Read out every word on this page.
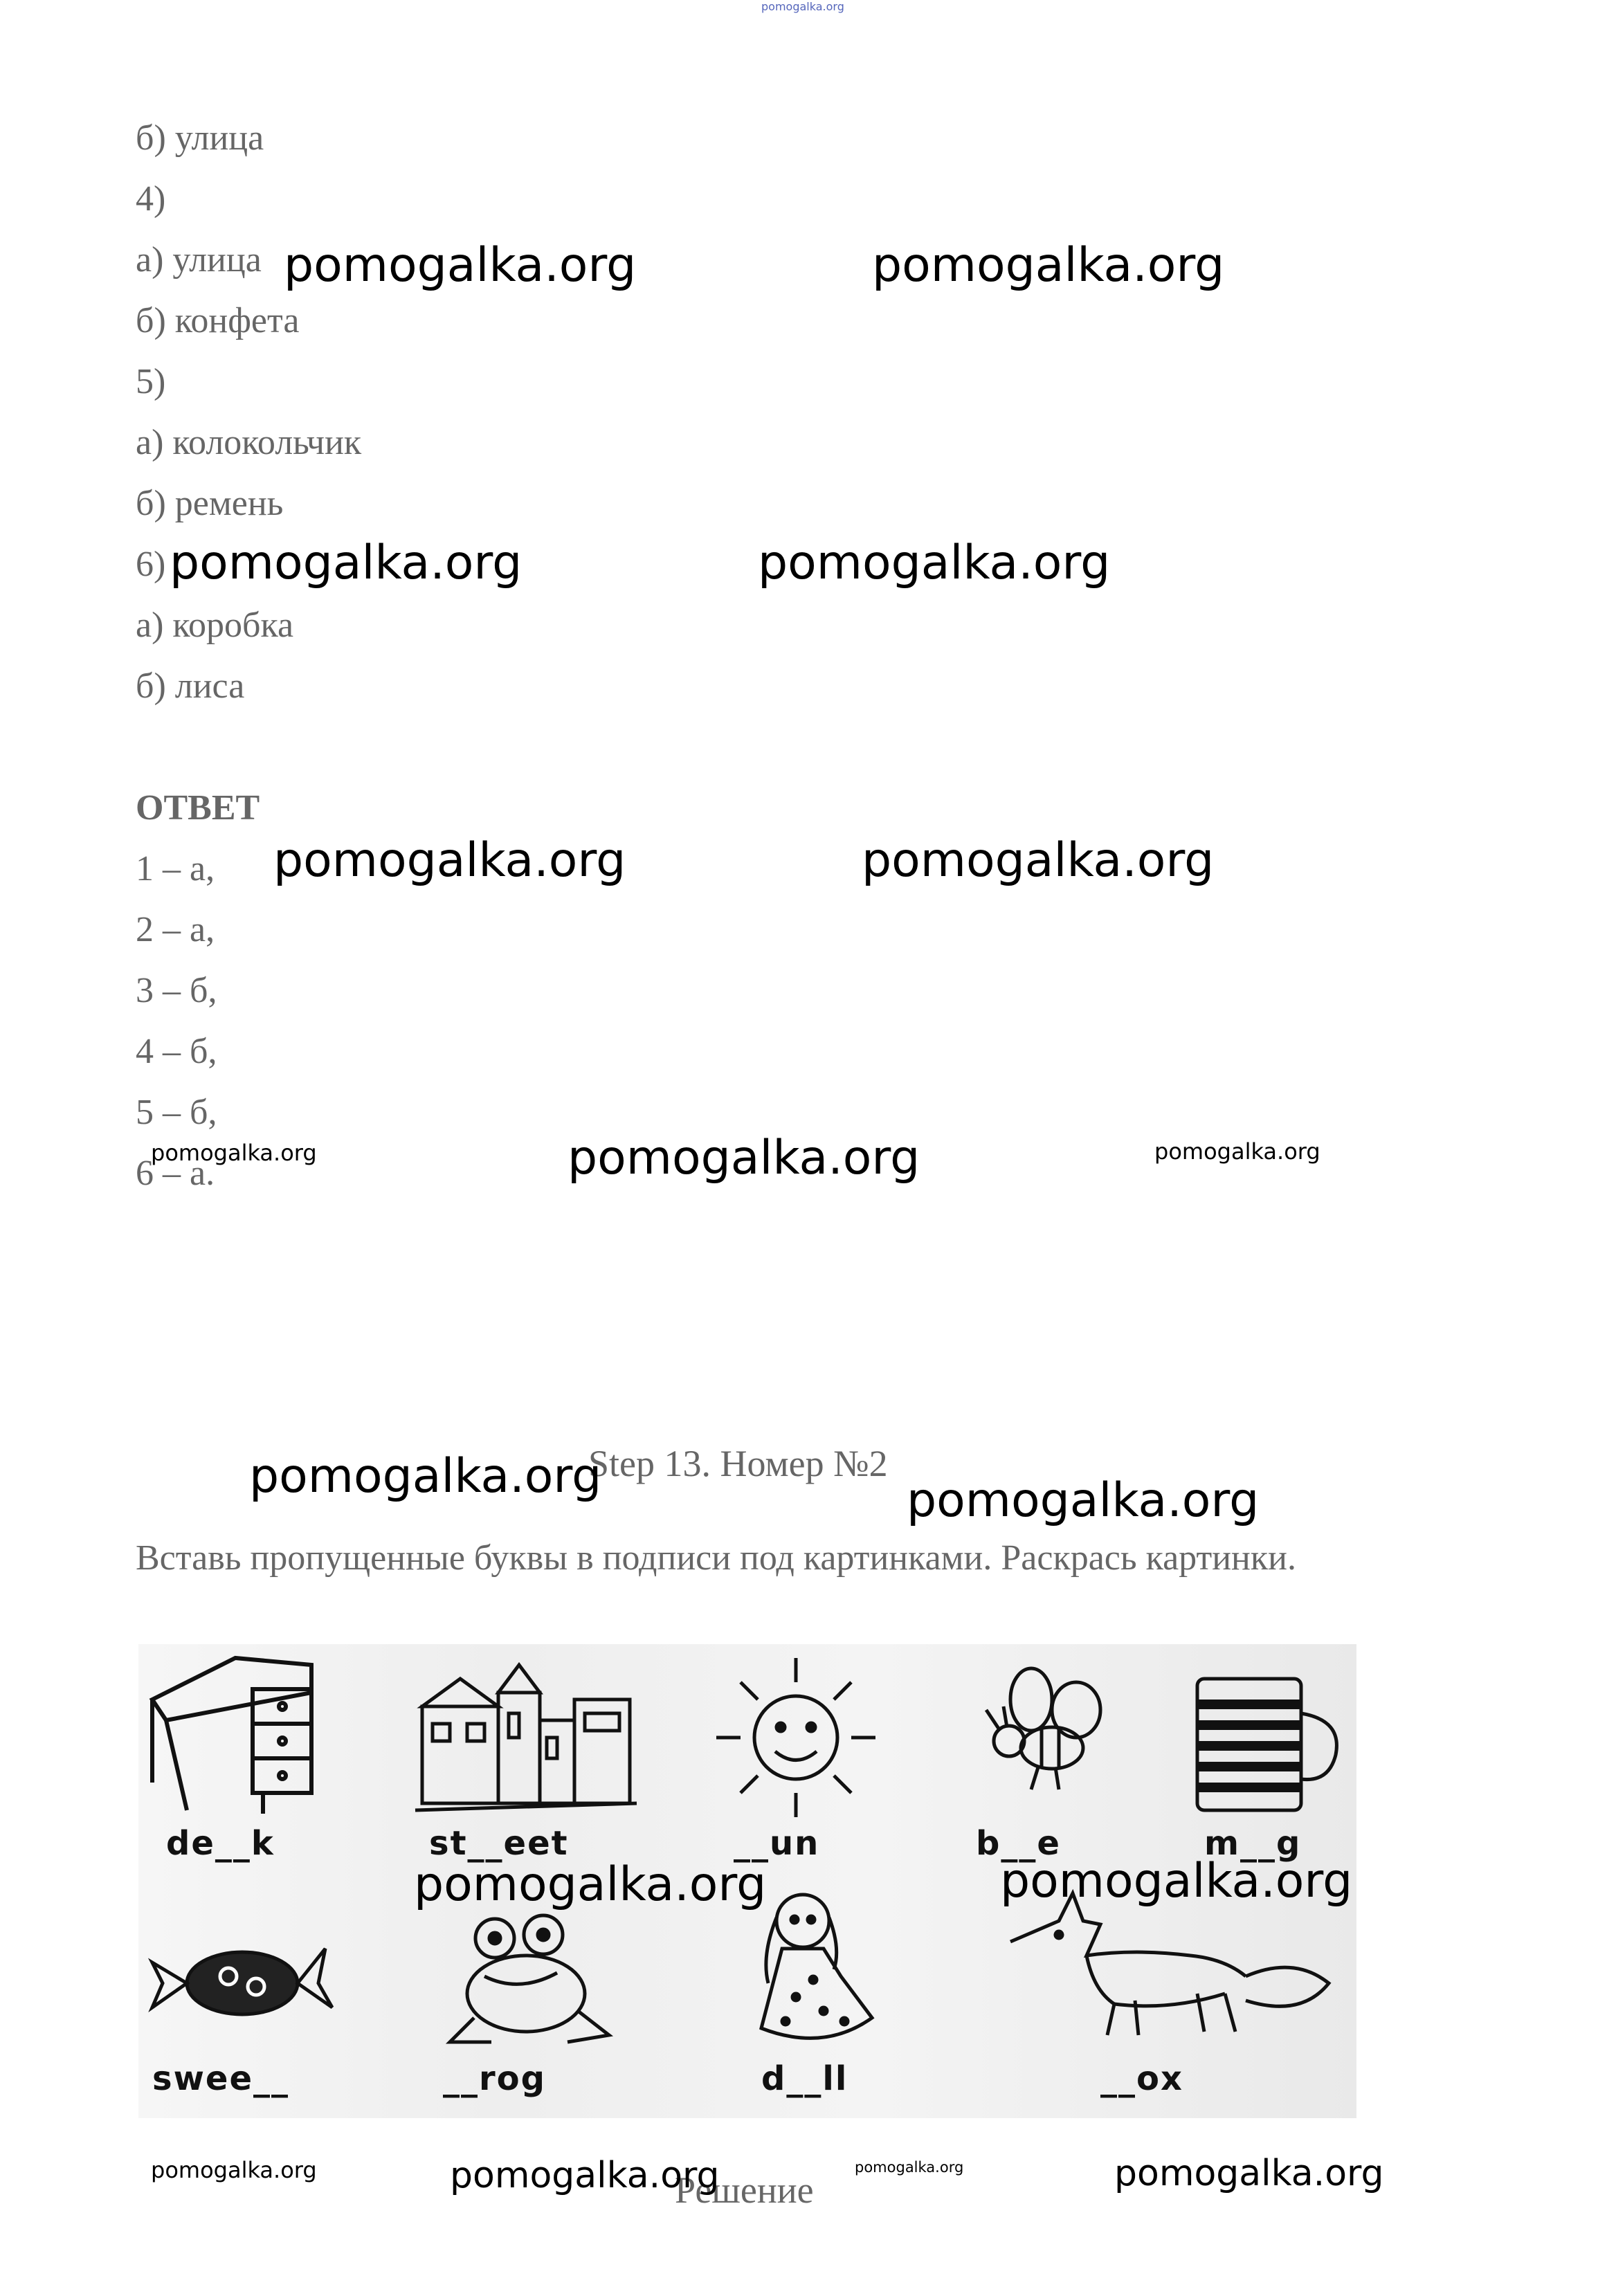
pomogalka.org
б) улица
4)
а) улица
б) конфета
5)
а) колокольчик
б) ремень
6)
а) коробка
б) лиса
ОТВЕТ
1 – а,
2 – а,
3 – б,
4 – б,
5 – б,
6 – а.
Step 13. Номер №2
Вставь пропущенные буквы в подписи под картинками. Раскрась картинки.
de__k	st__eet	__un	b__e	m__g
swee__	__rog	d__ll	__ox
Решение
pomogalka.org	pomogalka.org
pomogalka.org	pomogalka.org
pomogalka.org	pomogalka.org
pomogalka.org	pomogalka.org	pomogalka.org
pomogalka.org	pomogalka.org
pomogalka.org	pomogalka.org
pomogalka.org	pomogalka.org	pomogalka.org	pomogalka.org
